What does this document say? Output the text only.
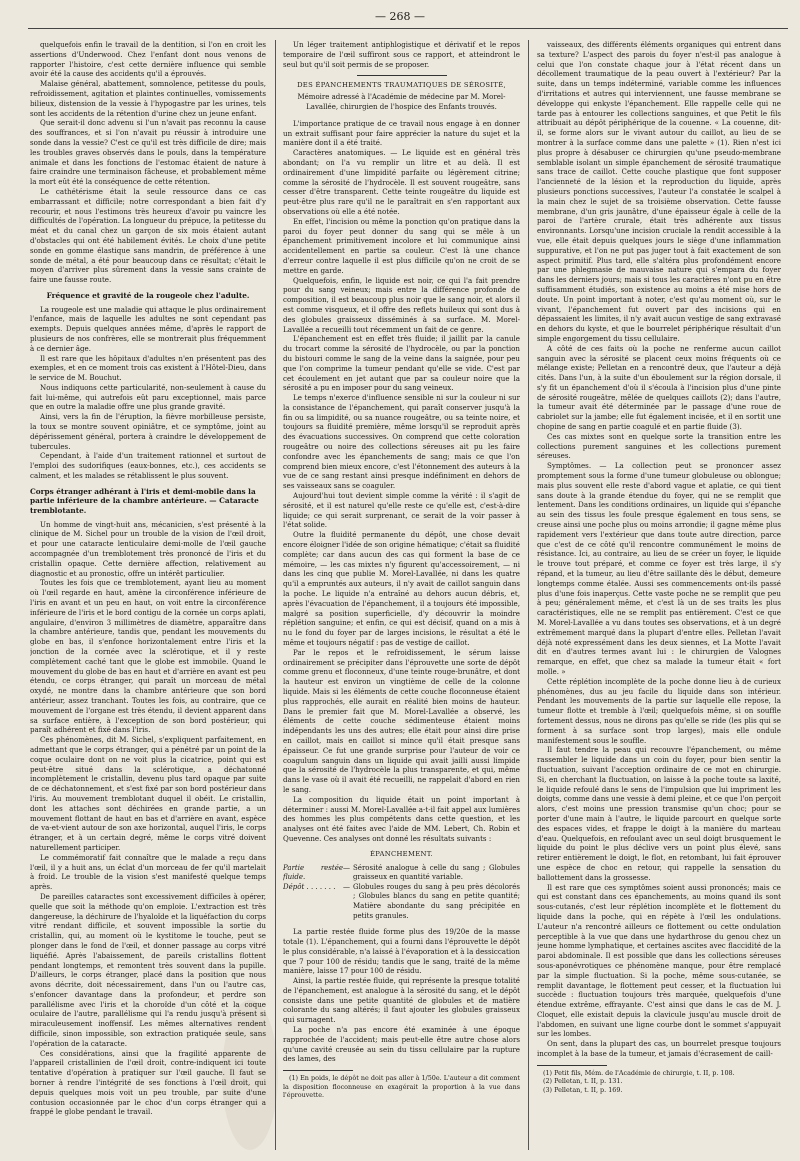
— 268 —

quelquefois enfin le travail de la dentition, si l'on en croit les assertions d'Underwood. Chez l'enfant dont nous venons de rapporter l'histoire, c'est cette dernière influence qui semble avoir été la cause des accidents qu'il a éprouvés.

Malaise général, abattement, somnolence, petitesse du pouls, refroidissement, agitation et plaintes continuelles, vomissements bilieux, distension de la vessie à l'hypogastre par les urines, tels sont les accidents de la rétention d'urine chez un jeune enfant.

Que serait-il donc advenu si l'un n'avait pas reconnu la cause des souffrances, et si l'on n'avait pu réussir à introduire une sonde dans la vessie? C'est ce qu'il est très difficile de dire; mais les troubles graves observés dans le pouls, dans la température animale et dans les fonctions de l'estomac étaient de nature à faire craindre une terminaison fâcheuse, et probablement même la mort eût été la conséquence de cette rétention.

Le cathétérisme était la seule ressource dans ce cas embarrassant et difficile; notre correspondant a bien fait d'y recourir, et nous l'estimons très heureux d'avoir pu vaincre les difficultés de l'opération. La longueur du prépuce, la petitesse du méat et du canal chez un garçon de six mois étaient autant d'obstacles qui ont été habilement évités. Le choix d'une petite sonde en gomme élastique sans mandrin, de préférence à une sonde de métal, a été pour beaucoup dans ce résultat; c'était le moyen d'arriver plus sûrement dans la vessie sans crainte de faire une fausse route.

Fréquence et gravité de la rougeole chez l'adulte.

La rougeole est une maladie qui attaque le plus ordinairement l'enfance, mais de laquelle les adultes ne sont cependant pas exempts. Depuis quelques années même, d'après le rapport de plusieurs de nos confrères, elle se montrerait plus fréquemment à ce dernier âge.

Il est rare que les hôpitaux d'adultes n'en présentent pas des exemples, et en ce moment trois cas existent à l'Hôtel-Dieu, dans le service de M. Bouchut.

Nous indiquons cette particularité, non-seulement à cause du fait lui-même, qui autrefois eût paru exceptionnel, mais parce que en outre la maladie offre une plus grande gravité.

Ainsi, vers la fin de l'éruption, la fièvre morbilleuse persiste, la toux se montre souvent opiniâtre, et ce symptôme, joint au dépérissement général, portera à craindre le développement de tubercules.

Cependant, à l'aide d'un traitement rationnel et surtout de l'emploi des sudorifiques (eaux-bonnes, etc.), ces accidents se calment, et les malades se rétablissent le plus souvent.

Corps étranger adhérant à l'iris et demi-mobile dans la partie inférieure de la chambre antérieure. — Cataracte tremblotante.

Un homme de vingt-huit ans, mécanicien, s'est présenté à la clinique de M. Sichel pour un trouble de la vision de l'œil droit, et pour une cataracte lenticulaire demi-molle de l'œil gauche accompagnée d'un tremblotement très prononcé de l'iris et du cristallin opaque. Cette dernière affection, relativement au diagnostic et au pronostic, offre un intérêt particulier.

Toutes les fois que ce tremblotement, ayant lieu au moment où l'œil regarde en haut, amène la circonférence inférieure de l'iris en avant et un peu en haut, on voit entre la circonférence inférieure de l'iris et le bord contigu de la cornée un corps aplati, angulaire, d'environ 3 millimètres de diamètre, apparaître dans la chambre antérieure, tandis que, pendant les mouvements du globe en bas, il s'enfonce horizontalement entre l'iris et la jonction de la cornée avec la sclérotique, et il y reste complètement caché tant que le globe est immobile. Quand le mouvement du globe de bas en haut et d'arrière en avant est peu étendu, ce corps étranger, qui paraît un morceau de métal oxydé, ne montre dans la chambre antérieure que son bord antérieur, assez tranchant. Toutes les fois, au contraire, que ce mouvement de l'organe est très étendu, il devient apparent dans sa surface entière, à l'exception de son bord postérieur, qui paraît adhérent et fixé dans l'iris.

Ces phénomènes, dit M. Sichel, s'expliquent parfaitement, en admettant que le corps étranger, qui a pénétré par un point de la coque oculaire dont on ne voit plus la cicatrice, point qui est peut-être situé dans la sclérotique, a déchatonné incomplètement le cristallin, devenu plus tard opaque par suite de ce déchatonnement, et s'est fixé par son bord postérieur dans l'iris. Au mouvement tremblotant duquel il obéit. Le cristallin, dont les attaches sont déchirées en grande partie, a un mouvement flottant de haut en bas et d'arrière en avant, espèce de va-et-vient autour de son axe horizontal, auquel l'iris, le corps étranger, et à un certain degré, même le corps vitré doivent naturellement participer.

Le commémoratif fait connaître que le malade a reçu dans l'œil, il y a huit ans, un éclat d'un morceau de fer qu'il martelait à froid. Le trouble de la vision s'est manifesté quelque temps après.

De pareilles cataractes sont excessivement difficiles à opérer, quelle que soit la méthode qu'on emploie. L'extraction est très dangereuse, la déchirure de l'hyaloïde et la liquéfaction du corps vitré rendant difficile, et souvent impossible la sortie du cristallin, qui, au moment où le kystitome le touche, peut se plonger dans le fond de l'œil, et donner passage au corps vitré liquéfié. Après l'abaissement, de pareils cristallins flottent pendant longtemps, et remontent très souvent dans la pupille. D'ailleurs, le corps étranger, placé dans la position que nous avons décrite, doit nécessairement, dans l'un ou l'autre cas, s'enfoncer davantage dans la profondeur, et perdre son parallélisme avec l'iris et la choroïde d'un côté et la coque oculaire de l'autre, parallélisme qui l'a rendu jusqu'à présent si miraculeusement inoffensif. Les mêmes alternatives rendent difficile, sinon impossible, son extraction pratiquée seule, sans l'opération de la cataracte.

Ces considérations, ainsi que la fragilité apparente de l'appareil cristallinien de l'œil droit, contre-indiquent ici toute tentative d'opération à pratiquer sur l'œil gauche. Il faut se borner à rendre l'intégrité de ses fonctions à l'œil droit, qui depuis quelques mois voit un peu trouble, par suite d'une contusion occasionnée par le choc d'un corps étranger qui a frappé le globe pendant le travail.

Un léger traitement antiphlogistique et dérivatif et le repos temporaire de l'œil suffiront sous ce rapport, et atteindront le seul but qu'il soit permis de se proposer.

DES ÉPANCHEMENTS TRAUMATIQUES DE SÉROSITÉ,
Mémoire adressé à l'Académie de médecine par M. Morel-Lavallée, chirurgien de l'hospice des Enfants trouvés.

L'importance pratique de ce travail nous engage à en donner un extrait suffisant pour faire apprécier la nature du sujet et la manière dont il a été traité.

Caractères anatomiques. — Le liquide est en général très abondant; on l'a vu remplir un litre et au delà. Il est ordinairement d'une limpidité parfaite ou légèrement citrine; comme la sérosité de l'hydrocèle. Il est souvent rougeâtre, sans cesser d'être transparent. Cette teinte rougeâtre du liquide est peut-être plus rare qu'il ne le paraîtrait en s'en rapportant aux observations où elle a été notée.

En effet, l'incision ou même la ponction qu'on pratique dans la paroi du foyer peut donner du sang qui se mêle à un épanchement primitivement incolore et lui communique ainsi accidentellement en partie sa couleur. C'est là une chance d'erreur contre laquelle il est plus difficile qu'on ne croit de se mettre en garde.

Quelquefois, enfin, le liquide est noir, ce qui l'a fait prendre pour du sang veineux; mais entre la différence profonde de composition, il est beaucoup plus noir que le sang noir, et alors il est comme visqueux, et il offre des reflets huileux qui sont dus à des globules graisseux disséminés à sa surface. M. Morel-Lavallée a recueilli tout récemment un fait de ce genre.

L'épanchement est en effet très fluide; il jaillit par la canule du trocart comme la sérosité de l'hydrocèle, ou par la ponction du bistouri comme le sang de la veine dans la saignée, pour peu que l'on comprime la tumeur pendant qu'elle se vide. C'est par cet écoulement en jet autant que par sa couleur noire que la sérosité a pu en imposer pour du sang veineux.

Le temps n'exerce d'influence sensible ni sur la couleur ni sur la consistance de l'épanchement, qui paraît conserver jusqu'à la fin ou sa limpidité, ou sa nuance rougeâtre, ou sa teinte noire, et toujours sa fluidité première, même lorsqu'il se reproduit après des évacuations successives. On comprend que cette coloration rougeâtre ou noire des collections séreuses ait pu les faire confondre avec les épanchements de sang; mais ce que l'on comprend bien mieux encore, c'est l'étonnement des auteurs à la vue de ce sang restant ainsi presque indéfiniment en dehors de ses vaisseaux sans se coaguler.

Aujourd'hui tout devient simple comme la vérité : il s'agit de sérosité, et il est naturel qu'elle reste ce qu'elle est, c'est-à-dire liquide; ce qui serait surprenant, ce serait de la voir passer à l'état solide.

Outre la fluidité permanente du dépôt, une chose devait encore éloigner l'idée de son origine hématique; c'était sa fluidité complète; car dans aucun des cas qui forment la base de ce mémoire, — les cas mixtes n'y figurent qu'accessoirement, — ni dans les cinq que publie M. Morel-Lavallée, ni dans les quatre qu'il a empruntés aux auteurs, il n'y avait de caillot sanguin dans la poche. Le liquide n'a entraîné au dehors aucun débris, et, après l'évacuation de l'épanchement, il a toujours été impossible, malgré sa position superficielle, d'y découvrir la moindre réplétion sanguine; et enfin, ce qui est décisif, quand on a mis à nu le fond du foyer par de larges incisions, le résultat a été le même et toujours négatif : pas de vestige de caillot.

Par le repos et le refroidissement, le sérum laisse ordinairement se précipiter dans l'éprouvette une sorte de dépôt comme grenu et floconneux, d'une teinte rouge-brunâtre, et dont la hauteur est environ un vingtième de celle de la colonne liquide. Mais si les éléments de cette couche floconneuse étaient plus rapprochés, elle aurait en réalité bien moins de hauteur. Dans le premier fait que M. Morel-Lavallée a observé, les éléments de cette couche sédimenteuse étaient moins indépendants les uns des autres; elle était pour ainsi dire prise en caillot, mais en caillot si mince qu'il était presque sans épaisseur. Ce fut une grande surprise pour l'auteur de voir ce coagulum sanguin dans un liquide qui avait jailli aussi limpide que la sérosité de l'hydrocèle la plus transparente, et qui, même dans le vase où il avait été recueilli, ne rappelait d'abord en rien le sang.

La composition du liquide était un point important à déterminer : aussi M. Morel-Lavallée a-t-il fait appel aux lumières des hommes les plus compétents dans cette question, et les analyses ont été faites avec l'aide de MM. Lebert, Ch. Robin et Quevenne. Ces analyses ont donné les résultats suivants :

ÉPANCHEMENT.
Partie restée fluide.	—	Sérosité analogue à celle du sang ; Globules graisseux en quantité variable.
Dépôt . . . . . . .	—	Globules rouges du sang à peu près décolorés ; Globules blancs du sang en petite quantité; Matière abondante du sang précipitée en petits granules.

La partie restée fluide forme plus des 19/20e de la masse totale (1). L'épanchement, qui a fourni dans l'éprouvette le dépôt le plus considérable, n'a laissé à l'évaporation et à la dessiccation que 7 pour 100 de résidu; tandis que le sang, traité de la même manière, laisse 17 pour 100 de résidu.

Ainsi, la partie restée fluide, qui représente la presque totalité de l'épanchement, est analogue à la sérosité du sang, et le dépôt consiste dans une petite quantité de globules et de matière colorante du sang altérés; il faut ajouter les globules graisseux qui surnagent.

La poche n'a pas encore été examinée à une époque rapprochée de l'accident; mais peut-elle être autre chose alors qu'une cavité creusée au sein du tissu cellulaire par la rupture des lames, des

(1) En poids, le dépôt ne doit pas aller à 1/50e. L'auteur a dit comment la disposition floconneuse en exagérait la proportion à la vue dans l'éprouvette.

vaisseaux, des différents éléments organiques qui entrent dans sa texture? L'aspect des parois du foyer n'est-il pas analogue à celui que l'on constate chaque jour à l'état récent dans un décollement traumatique de la peau ouvert à l'extérieur? Par la suite, dans un temps indéterminé, variable comme les influences d'irritations et autres qui interviennent, une fausse membrane se développe qui enkyste l'épanchement. Elle rappelle celle qui ne tarde pas à entourer les collections sanguines, et que Petit le fils attribuait au dépôt périphérique de la couenne. « La couenne, dit-il, se forme alors sur le vivant autour du caillot, au lieu de se montrer à la surface comme dans une palette » (1). Rien n'est ici plus propre à désabuser ce chirurgien qu'une pseudo-membrane semblable isolant un simple épanchement de sérosité traumatique sans trace de caillot. Cette couche plastique que font supposer l'ancienneté de la lésion et la reproduction du liquide, après plusieurs ponctions successives, l'auteur l'a constatée le scalpel à la main chez le sujet de sa troisième observation. Cette fausse membrane, d'un gris jaunâtre, d'une épaisseur égale à celle de la paroi de l'artère crurale, était très adhérente aux tissus environnants. Lorsqu'une incision cruciale la rendit accessible à la vue, elle était depuis quelques jours le siège d'une inflammation suppurative, et l'on ne put pas juger tout à fait exactement de son aspect primitif. Plus tard, elle s'altéra plus profondément encore par une phlegmasie de mauvaise nature qui s'empara du foyer dans les derniers jours; mais si tous les caractères n'ont pu en être suffisamment étudiés, son existence au moins a été mise hors de doute. Un point important à noter, c'est qu'au moment où, sur le vivant, l'épanchement fut ouvert par des incisions qui en dépassaient les limites, il n'y avait aucun vestige de sang extravasé en dehors du kyste, et que le bourrelet périphérique résultait d'un simple engorgement du tissu cellulaire.

A côté de ces faits où la poche ne renferme aucun caillot sanguin avec la sérosité se placent ceux moins fréquents où ce mélange existe; Pelletan en a rencontré deux, que l'auteur a déjà cités. Dans l'un, à la suite d'un éboulement sur la région dorsale, il s'y fit un épanchement d'où il s'écoula à l'incision plus d'une pinte de sérosité rougeâtre, mêlée de quelques caillots (2); dans l'autre, la tumeur avait été déterminée par le passage d'une roue de cabriolet sur la jambe; elle fut également incisée, et il en sortit une chopine de sang en partie coagulé et en partie fluide (3).

Ces cas mixtes sont en quelque sorte la transition entre les collections purement sanguines et les collections purement séreuses.

Symptômes. — La collection peut se prononcer assez promptement sous la forme d'une tumeur globuleuse ou oblongue; mais plus souvent elle reste d'abord vague et aplatie, ce qui tient sans doute à la grande étendue du foyer, qui ne se remplit que lentement. Dans les conditions ordinaires, un liquide qui s'épanche au sein des tissus les foule presque également en tous sens, se creuse ainsi une poche plus ou moins arrondie; il gagne même plus rapidement vers l'extérieur que dans toute autre direction, parce que c'est de ce côté qu'il rencontre communément le moins de résistance. Ici, au contraire, au lieu de se créer un foyer, le liquide le trouve tout préparé, et comme ce foyer est très large, il s'y répand, et la tumeur, au lieu d'être saillante dès le début, demeure longtemps comme étalée. Aussi ses commencements ont-ils passé plus d'une fois inaperçus. Cette vaste poche ne se remplit que peu à peu; généralement même, et c'est là un de ses traits les plus caractéristiques, elle ne se remplit pas entièrement. C'est ce que M. Morel-Lavallée a vu dans toutes ses observations, et à un degré extrêmement marqué dans la plupart d'entre elles. Pelletan l'avait déjà noté expressément dans les deux siennes, et La Motte l'avait dit en d'autres termes avant lui : le chirurgien de Valognes remarque, en effet, que chez sa malade la tumeur était « fort molle. »

Cette réplétion incomplète de la poche donne lieu à de curieux phénomènes, dus au jeu facile du liquide dans son intérieur. Pendant les mouvements de la partie sur laquelle elle repose, la tumeur flotte et tremble à l'œil; quelquefois même, si on souffle fortement dessus, nous ne dirons pas qu'elle se ride (les plis qui se forment à sa surface sont trop larges), mais elle ondule manifestement sous le souffle.

Il faut tendre la peau qui recouvre l'épanchement, ou même rassembler le liquide dans un coin du foyer, pour bien sentir la fluctuation, suivant l'acception ordinaire de ce mot en chirurgie. Si, en cherchant la fluctuation, on laisse à la poche toute sa laxité, le liquide refoulé dans le sens de l'impulsion que lui impriment les doigts, comme dans une vessie à demi pleine, et ce que l'on perçoit alors, c'est moins une pression transmise qu'un choc; pour se porter d'une main à l'autre, le liquide parcourt en quelque sorte des espaces vides, et frappe le doigt à la manière du marteau d'eau. Quelquefois, en refoulant avec un seul doigt brusquement le liquide du point le plus déclive vers un point plus élevé, sans retirer entièrement le doigt, le flot, en retombant, lui fait éprouver une espèce de choc en retour, qui rappelle la sensation du ballottement dans la grossesse.

Il est rare que ces symptômes soient aussi prononcés; mais ce qui est constant dans ces épanchements, au moins quand ils sont sous-cutanés, c'est leur réplétion incomplète et le flottement du liquide dans la poche, qui en répète à l'œil les ondulations. L'auteur n'a rencontré ailleurs ce flottement ou cette ondulation perceptible à la vue que dans une hydarthrose du genou chez un jeune homme lymphatique, et certaines ascites avec flaccidité de la paroi abdominale. Il est possible que dans les collections séreuses sous-aponévrotiques ce phénomène manque, pour être remplacé par la simple fluctuation. Si la poche, même sous-cutanée, se remplit davantage, le flottement peut cesser, et la fluctuation lui succède : fluctuation toujours très marquée, quelquefois d'une étendue extrême, effrayante. C'est ainsi que dans le cas de M. J. Cloquet, elle existait depuis la clavicule jusqu'au muscle droit de l'abdomen, en suivant une ligne courbe dont le sommet s'appuyait sur les lombes.

On sent, dans la plupart des cas, un bourrelet presque toujours incomplet à la base de la tumeur, et jamais d'écrasement de caill-

(1) Petit fils, Mém. de l'Académie de chirurgie, t. II, p. 108.
(2) Pelletan, t. II, p. 131.
(3) Pelletan, t. II, p. 169.
